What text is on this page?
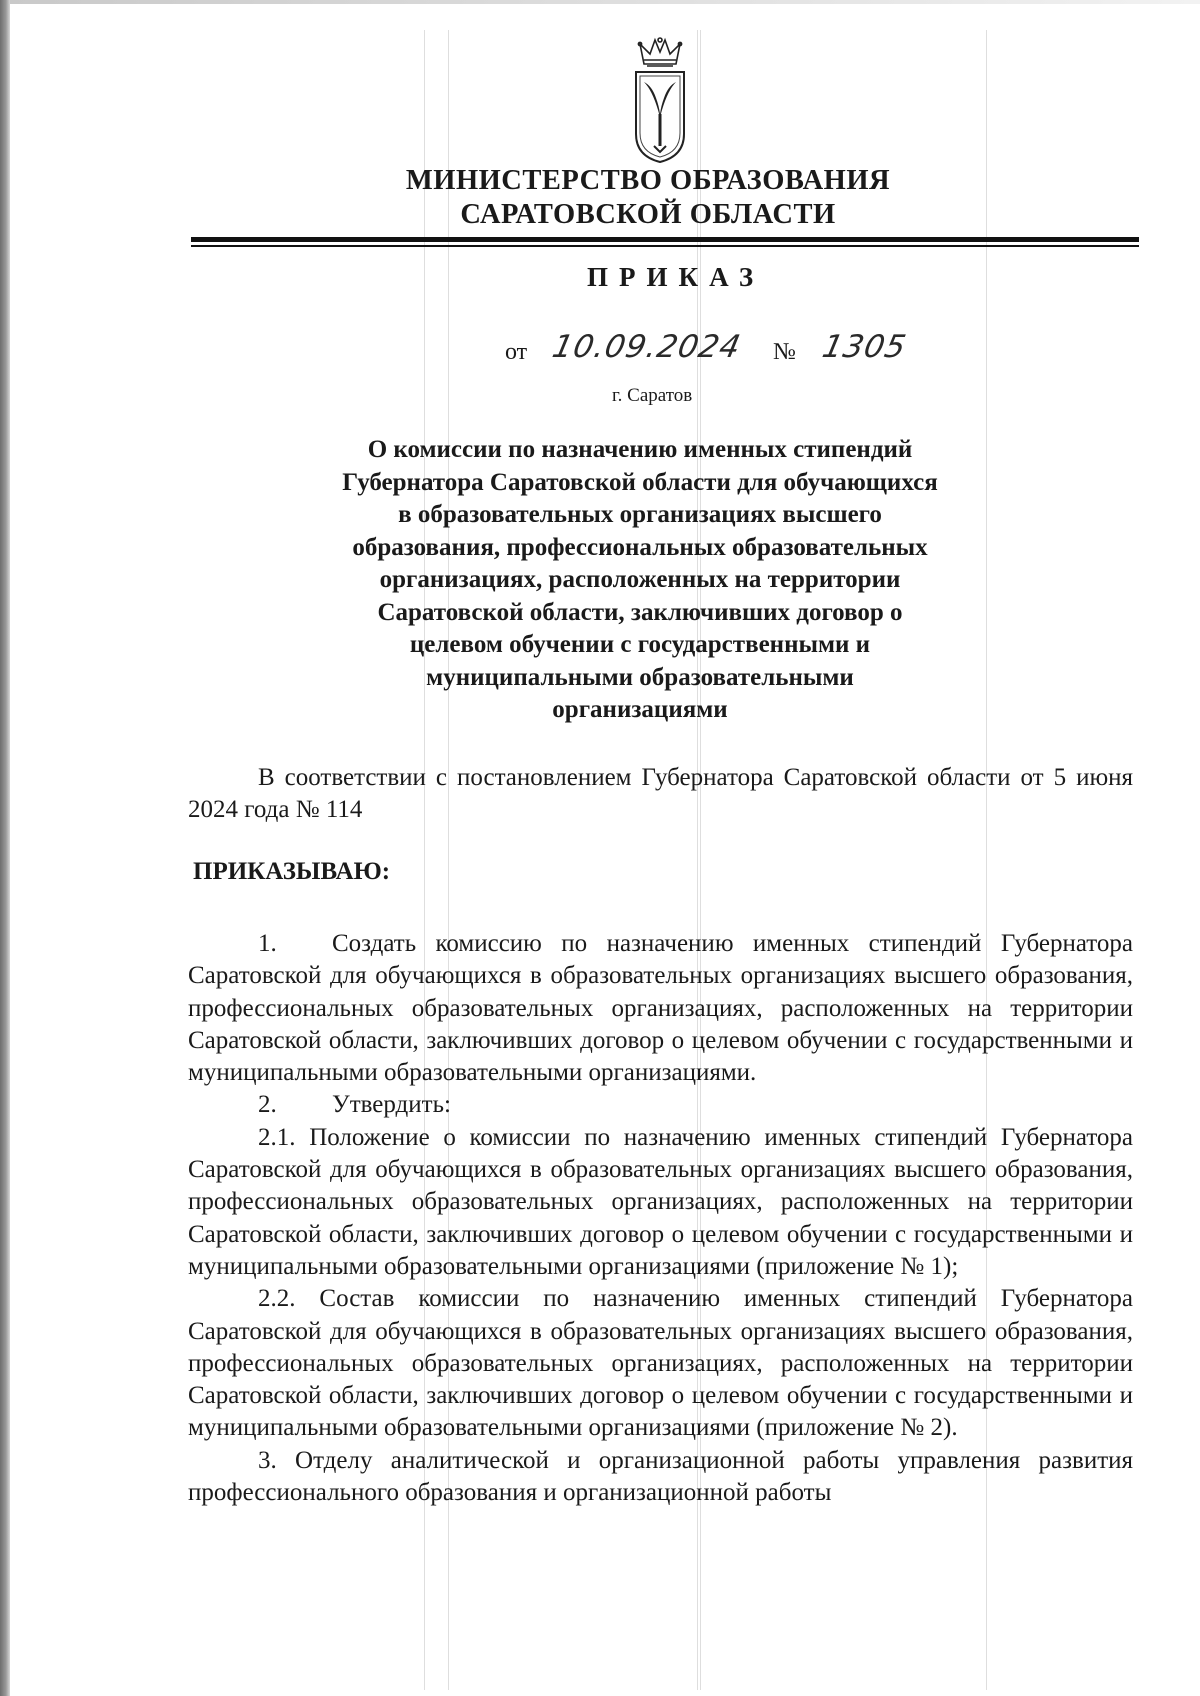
МИНИСТЕРСТВО ОБРАЗОВАНИЯ
САРАТОВСКОЙ ОБЛАСТИ
ПРИКАЗ
от 10.09.2024 № 1305
г. Саратов
О комиссии по назначению именных стипендий
Губернатора Саратовской области для обучающихся
в образовательных организациях высшего
образования, профессиональных образовательных
организациях, расположенных на территории
Саратовской области, заключивших договор о
целевом обучении с государственными и
муниципальными образовательными
организациями

В соответствии с постановлением Губернатора Саратовской области от 5 июня 2024 года № 114

ПРИКАЗЫВАЮ:

1. Создать комиссию по назначению именных стипендий Губернатора Саратовской для обучающихся в образовательных организациях высшего образования, профессиональных образовательных организациях, расположенных на территории Саратовской области, заключивших договор о целевом обучении с государственными и муниципальными образовательными организациями.

2. Утвердить:

2.1. Положение о комиссии по назначению именных стипендий Губернатора Саратовской для обучающихся в образовательных организациях высшего образования, профессиональных образовательных организациях, расположенных на территории Саратовской области, заключивших договор о целевом обучении с государственными и муниципальными образовательными организациями (приложение № 1);

2.2. Состав комиссии по назначению именных стипендий Губернатора Саратовской для обучающихся в образовательных организациях высшего образования, профессиональных образовательных организациях, расположенных на территории Саратовской области, заключивших договор о целевом обучении с государственными и муниципальными образовательными организациями (приложение № 2).

3. Отделу аналитической и организационной работы управления развития профессионального образования и организационной работы
